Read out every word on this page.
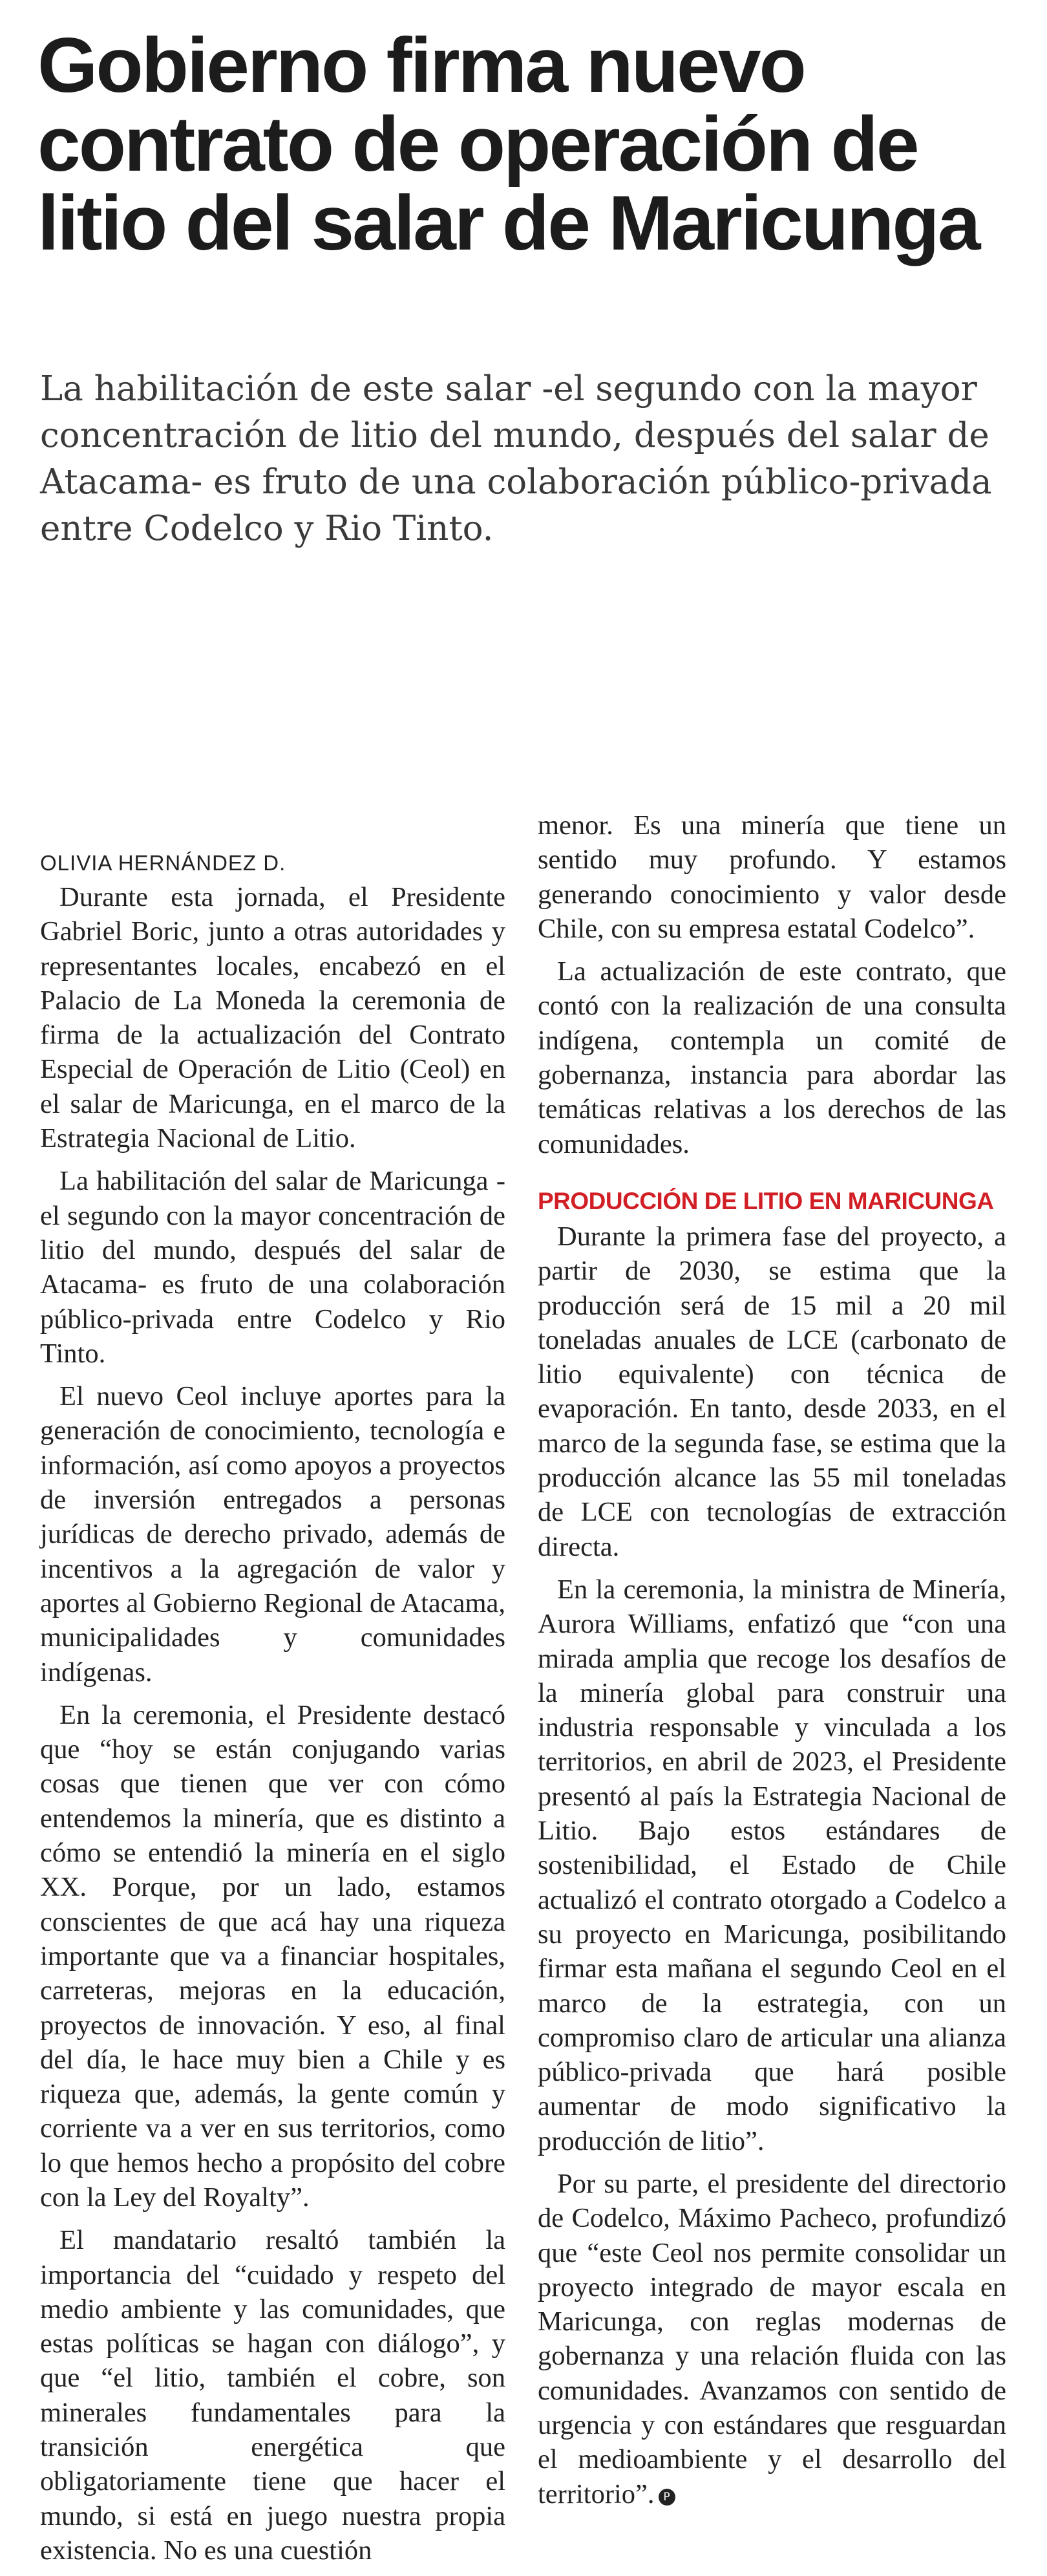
Gobierno firma nuevo contrato de operación de litio del salar de Maricunga

La habilitación de este salar -el segundo con la mayor concentración de litio del mundo, después del salar de Atacama- es fruto de una colaboración público-privada entre Codelco y Rio Tinto.

OLIVIA HERNÁNDEZ D.

Durante esta jornada, el Presidente Gabriel Boric, junto a otras autoridades y representantes locales, encabezó en el Palacio de La Moneda la ceremonia de firma de la actualización del Contrato Especial de Operación de Litio (Ceol) en el salar de Maricunga, en el marco de la Estrategia Nacional de Litio.

La habilitación del salar de Maricunga -el segundo con la mayor concentración de litio del mundo, después del salar de Atacama- es fruto de una colaboración público-privada entre Codelco y Rio Tinto.

El nuevo Ceol incluye aportes para la generación de conocimiento, tecnología e información, así como apoyos a proyectos de inversión entregados a personas jurídicas de derecho privado, además de incentivos a la agregación de valor y aportes al Gobierno Regional de Atacama, municipalidades y comunidades indígenas.

En la ceremonia, el Presidente destacó que “hoy se están conjugando varias cosas que tienen que ver con cómo entendemos la minería, que es distinto a cómo se entendió la minería en el siglo XX. Porque, por un lado, estamos conscientes de que acá hay una riqueza importante que va a financiar hospitales, carreteras, mejoras en la educación, proyectos de innovación. Y eso, al final del día, le hace muy bien a Chile y es riqueza que, además, la gente común y corriente va a ver en sus territorios, como lo que hemos hecho a propósito del cobre con la Ley del Royalty”.

El mandatario resaltó también la importancia del “cuidado y respeto del medio ambiente y las comunidades, que estas políticas se hagan con diálogo”, y que “el litio, también el cobre, son minerales fundamentales para la transición energética que obligatoriamente tiene que hacer el mundo, si está en juego nuestra propia existencia. No es una cuestión

menor. Es una minería que tiene un sentido muy profundo. Y estamos generando conocimiento y valor desde Chile, con su empresa estatal Codelco”.

La actualización de este contrato, que contó con la realización de una consulta indígena, contempla un comité de gobernanza, instancia para abordar las temáticas relativas a los derechos de las comunidades.

PRODUCCIÓN DE LITIO EN MARICUNGA

Durante la primera fase del proyecto, a partir de 2030, se estima que la producción será de 15 mil a 20 mil toneladas anuales de LCE (carbonato de litio equivalente) con técnica de evaporación. En tanto, desde 2033, en el marco de la segunda fase, se estima que la producción alcance las 55 mil toneladas de LCE con tecnologías de extracción directa.

En la ceremonia, la ministra de Minería, Aurora Williams, enfatizó que “con una mirada amplia que recoge los desafíos de la minería global para construir una industria responsable y vinculada a los territorios, en abril de 2023, el Presidente presentó al país la Estrategia Nacional de Litio. Bajo estos estándares de sostenibilidad, el Estado de Chile actualizó el contrato otorgado a Codelco a su proyecto en Maricunga, posibilitando firmar esta mañana el segundo Ceol en el marco de la estrategia, con un compromiso claro de articular una alianza público-privada que hará posible aumentar de modo significativo la producción de litio”.

Por su parte, el presidente del directorio de Codelco, Máximo Pacheco, profundizó que “este Ceol nos permite consolidar un proyecto integrado de mayor escala en Maricunga, con reglas modernas de gobernanza y una relación fluida con las comunidades. Avanzamos con sentido de urgencia y con estándares que resguardan el medioambiente y el desarrollo del territorio”. P
